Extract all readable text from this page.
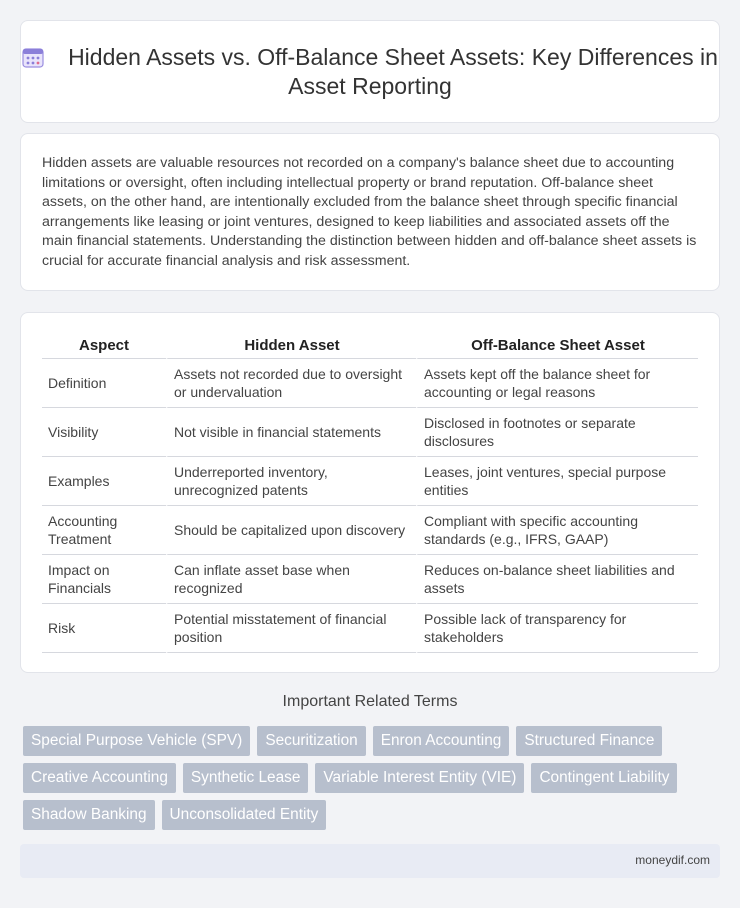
Hidden Assets vs. Off-Balance Sheet Assets: Key Differences in Asset Reporting

Hidden assets are valuable resources not recorded on a company's balance sheet due to accounting limitations or oversight, often including intellectual property or brand reputation. Off-balance sheet assets, on the other hand, are intentionally excluded from the balance sheet through specific financial arrangements like leasing or joint ventures, designed to keep liabilities and associated assets off the main financial statements. Understanding the distinction between hidden and off-balance sheet assets is crucial for accurate financial analysis and risk assessment.

Aspect	Hidden Asset	Off-Balance Sheet Asset
Definition	Assets not recorded due to oversight or undervaluation	Assets kept off the balance sheet for accounting or legal reasons
Visibility	Not visible in financial statements	Disclosed in footnotes or separate disclosures
Examples	Underreported inventory, unrecognized patents	Leases, joint ventures, special purpose entities
Accounting Treatment	Should be capitalized upon discovery	Compliant with specific accounting standards (e.g., IFRS, GAAP)
Impact on Financials	Can inflate asset base when recognized	Reduces on-balance sheet liabilities and assets
Risk	Potential misstatement of financial position	Possible lack of transparency for stakeholders
Important Related Terms
Special Purpose Vehicle (SPV)	Securitization	Enron Accounting	Structured Finance
Creative Accounting	Synthetic Lease	Variable Interest Entity (VIE)	Contingent Liability
Shadow Banking	Unconsolidated Entity
moneydif.com
